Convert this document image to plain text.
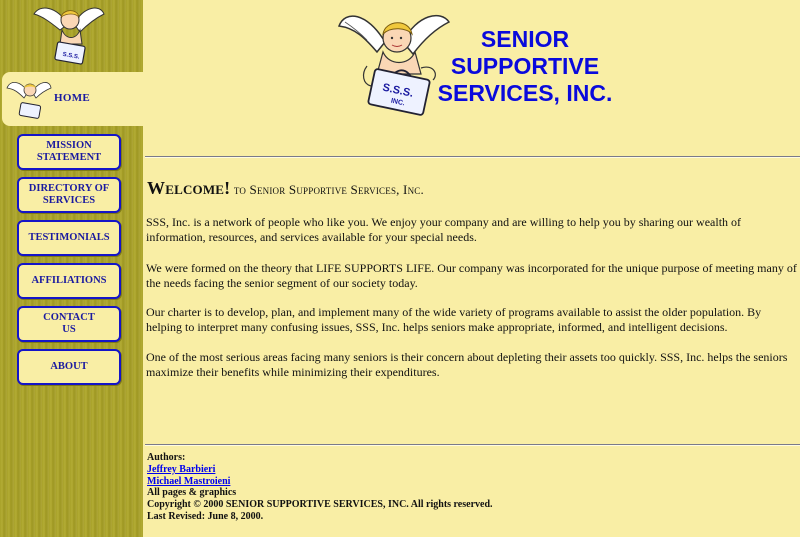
S.S.S.
HOME
MISSION
STATEMENT
DIRECTORY OF
SERVICES
TESTIMONIALS
AFFILIATIONS
CONTACT
US
ABOUT
S.S.S.
INC.
SENIOR
SUPPORTIVE
SERVICES, INC.
Welcome! to Senior Supportive Services, Inc.

SSS, Inc. is a network of people who like you. We enjoy your company and are willing to help you by sharing our wealth of information, resources, and services available for your special needs.

We were formed on the theory that LIFE SUPPORTS LIFE. Our company was incorporated for the unique purpose of meeting many of the needs facing the senior segment of our society today.

Our charter is to develop, plan, and implement many of the wide variety of programs available to assist the older population. By helping to interpret many confusing issues, SSS, Inc. helps seniors make appropriate, informed, and intelligent decisions.

One of the most serious areas facing many seniors is their concern about depleting their assets too quickly. SSS, Inc. helps the seniors maximize their benefits while minimizing their expenditures.

Authors:
Jeffrey Barbieri
Michael Mastroieni
All pages & graphics
Copyright © 2000 SENIOR SUPPORTIVE SERVICES, INC. All rights reserved.
Last Revised: June 8, 2000.
